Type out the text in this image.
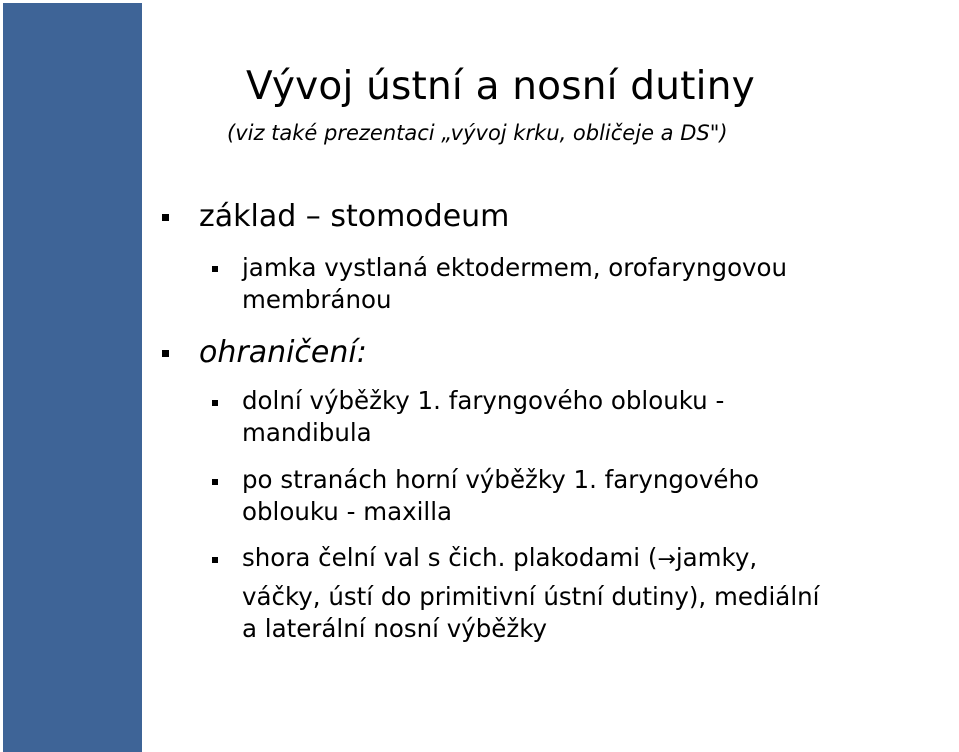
Vývoj ústní a nosní dutiny
(viz také prezentaci „vývoj krku, obličeje a DS")
základ – stomodeum
jamka vystlaná ektodermem, orofaryngovou
membránou
ohraničení:
dolní výběžky 1. faryngového oblouku -
mandibula
po stranách horní výběžky 1. faryngového
oblouku - maxilla
shora čelní val s čich. plakodami (→jamky,
váčky, ústí do primitivní ústní dutiny), mediální
a laterální nosní výběžky
